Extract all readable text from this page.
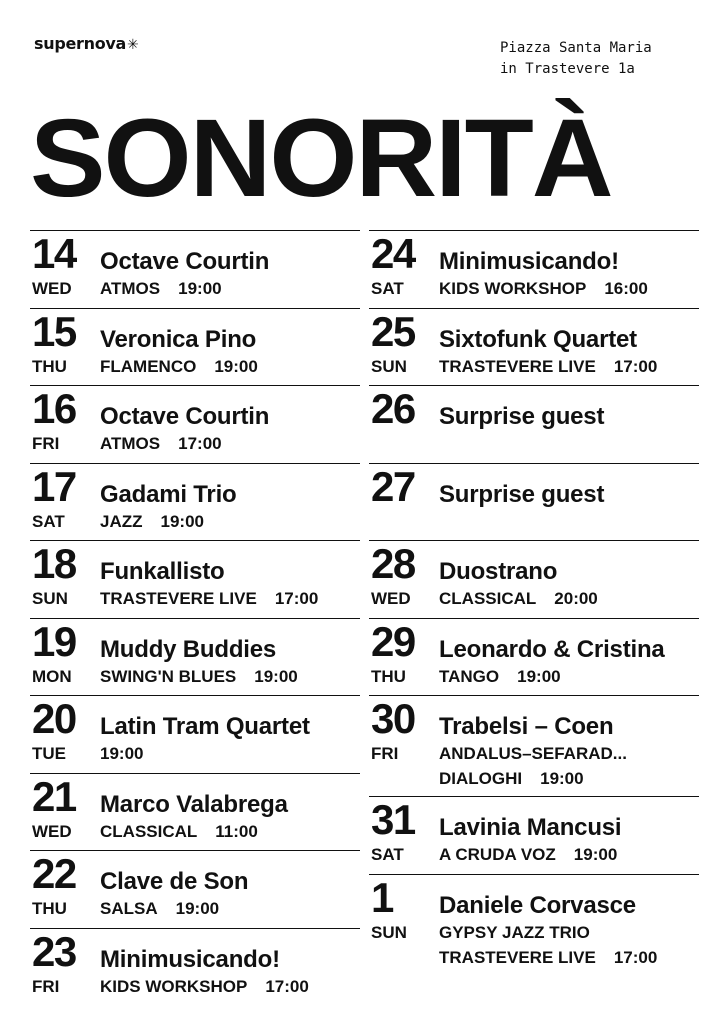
supernova✳	Piazza Santa Maria
in Trastevere 1a
SONORITÀ
14
WED
Octave Courtin
ATMOS 19:00
15
THU
Veronica Pino
FLAMENCO 19:00
16
FRI
Octave Courtin
ATMOS 17:00
17
SAT
Gadami Trio
JAZZ 19:00
18
SUN
Funkallisto
TRASTEVERE LIVE 17:00
19
MON
Muddy Buddies
SWING'N BLUES 19:00
20
TUE
Latin Tram Quartet
19:00
21
WED
Marco Valabrega
CLASSICAL 11:00
22
THU
Clave de Son
SALSA 19:00
23
FRI
Minimusicando!
KIDS WORKSHOP 17:00
24
SAT
Minimusicando!
KIDS WORKSHOP 16:00
25
SUN
Sixtofunk Quartet
TRASTEVERE LIVE 17:00
26 Surprise guest
27 Surprise guest
28
WED
Duostrano
CLASSICAL 20:00
29
THU
Leonardo & Cristina
TANGO 19:00
30
FRI
Trabelsi – Coen
ANDALUS–SEFARAD...
DIALOGHI 19:00
31
SAT
Lavinia Mancusi
A CRUDA VOZ 19:00
1
SUN
Daniele Corvasce
GYPSY JAZZ TRIO
TRASTEVERE LIVE 17:00
